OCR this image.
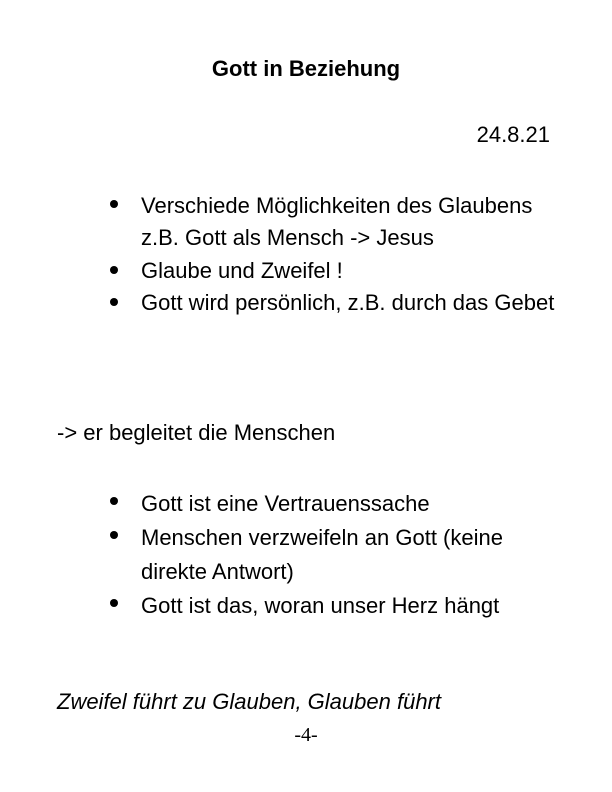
Gott in Beziehung
24.8.21
Verschiede Möglichkeiten des Glaubens z.B. Gott als Mensch -> Jesus
Glaube und Zweifel !
Gott wird persönlich, z.B. durch das Gebet
-> er begleitet die Menschen
Gott ist eine Vertrauenssache
Menschen verzweifeln an Gott (keine direkte Antwort)
Gott ist das, woran unser Herz hängt
Zweifel führt zu Glauben, Glauben führt
-4-
